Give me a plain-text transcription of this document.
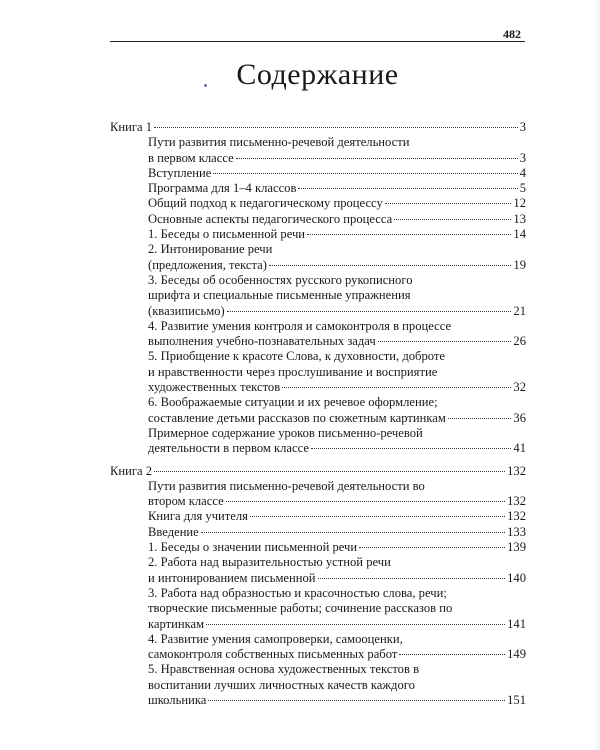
482
Содержание
Книга 1	3
Пути развития письменно-речевой деятельности
в первом классе	3
Вступление	4
Программа для 1–4 классов	5
Общий подход к педагогическому процессу	12
Основные аспекты педагогического процесса	13
1. Беседы о письменной речи	14
2. Интонирование речи
(предложения, текста)	19
3. Беседы об особенностях русского рукописного
шрифта и специальные письменные упражнения
(квазиписьмо)	21
4. Развитие умения контроля и самоконтроля в процессе
выполнения учебно-познавательных задач	26
5. Приобщение к красоте Слова, к духовности, доброте
и нравственности через прослушивание и восприятие
художественных текстов	32
6. Воображаемые ситуации и их речевое оформление;
составление детьми рассказов по сюжетным картинкам	36
Примерное содержание уроков письменно-речевой
деятельности в первом классе	41
Книга 2	132
Пути развития письменно-речевой деятельности во
втором классе	132
Книга для учителя	132
Введение	133
1. Беседы о значении письменной речи	139
2. Работа над выразительностью устной речи
и интонированием письменной	140
3. Работа над образностью и красочностью слова, речи;
творческие письменные работы; сочинение рассказов по
картинкам	141
4. Развитие умения самопроверки, самооценки,
самоконтроля собственных письменных работ	149
5. Нравственная основа художественных текстов в
воспитании лучших личностных качеств каждого
школьника	151
